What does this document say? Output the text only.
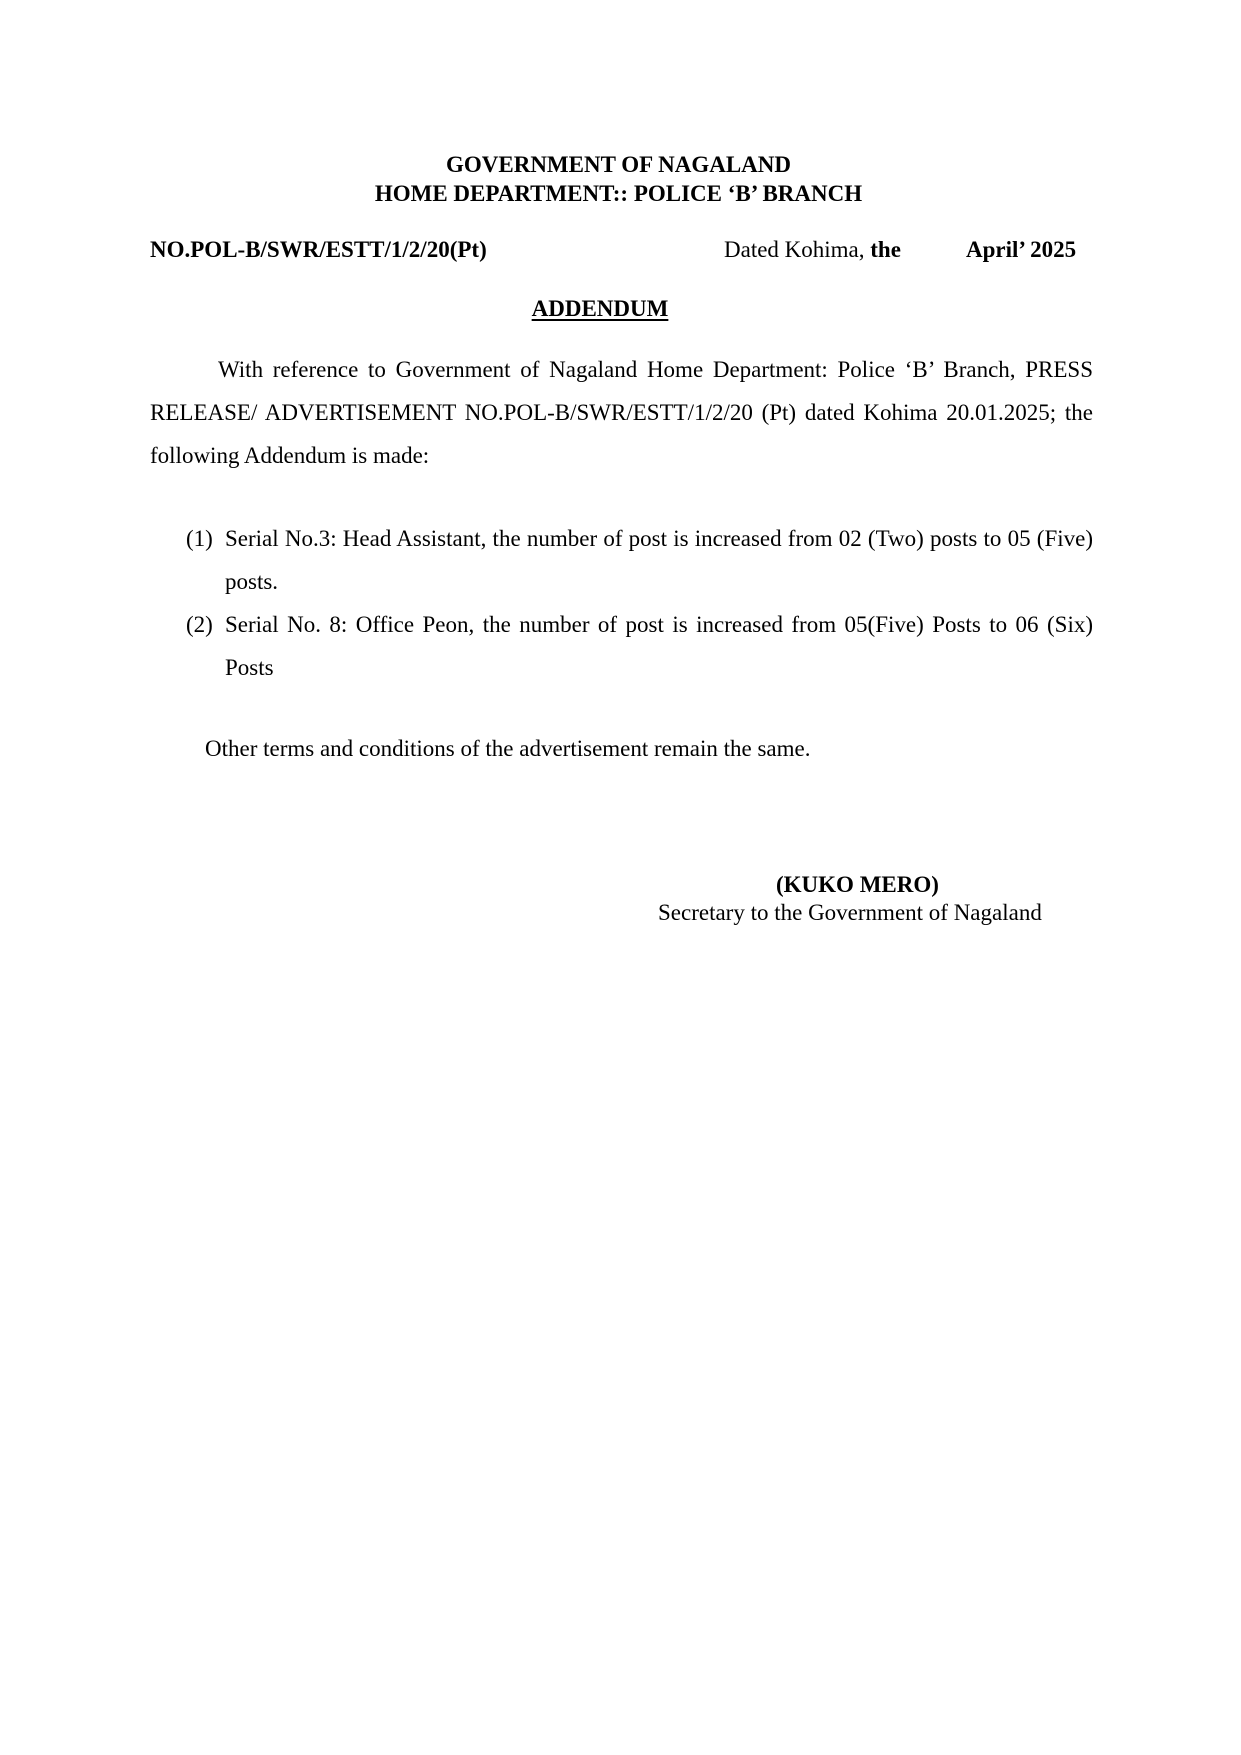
GOVERNMENT OF NAGALAND
HOME DEPARTMENT:: POLICE ‘B’ BRANCH
NO.POL-B/SWR/ESTT/1/2/20(Pt)	Dated Kohima, the	April’ 2025
ADDENDUM

With reference to Government of Nagaland Home Department: Police ‘B’ Branch, PRESS RELEASE/ ADVERTISEMENT NO.POL-B/SWR/ESTT/1/2/20 (Pt) dated Kohima 20.01.2025; the following Addendum is made:

(1) Serial No.3: Head Assistant, the number of post is increased from 02 (Two) posts to 05 (Five) posts.
(2) Serial No. 8: Office Peon, the number of post is increased from 05(Five) Posts to 06 (Six) Posts
Other terms and conditions of the advertisement remain the same.
(KUKO MERO)
Secretary to the Government of Nagaland
